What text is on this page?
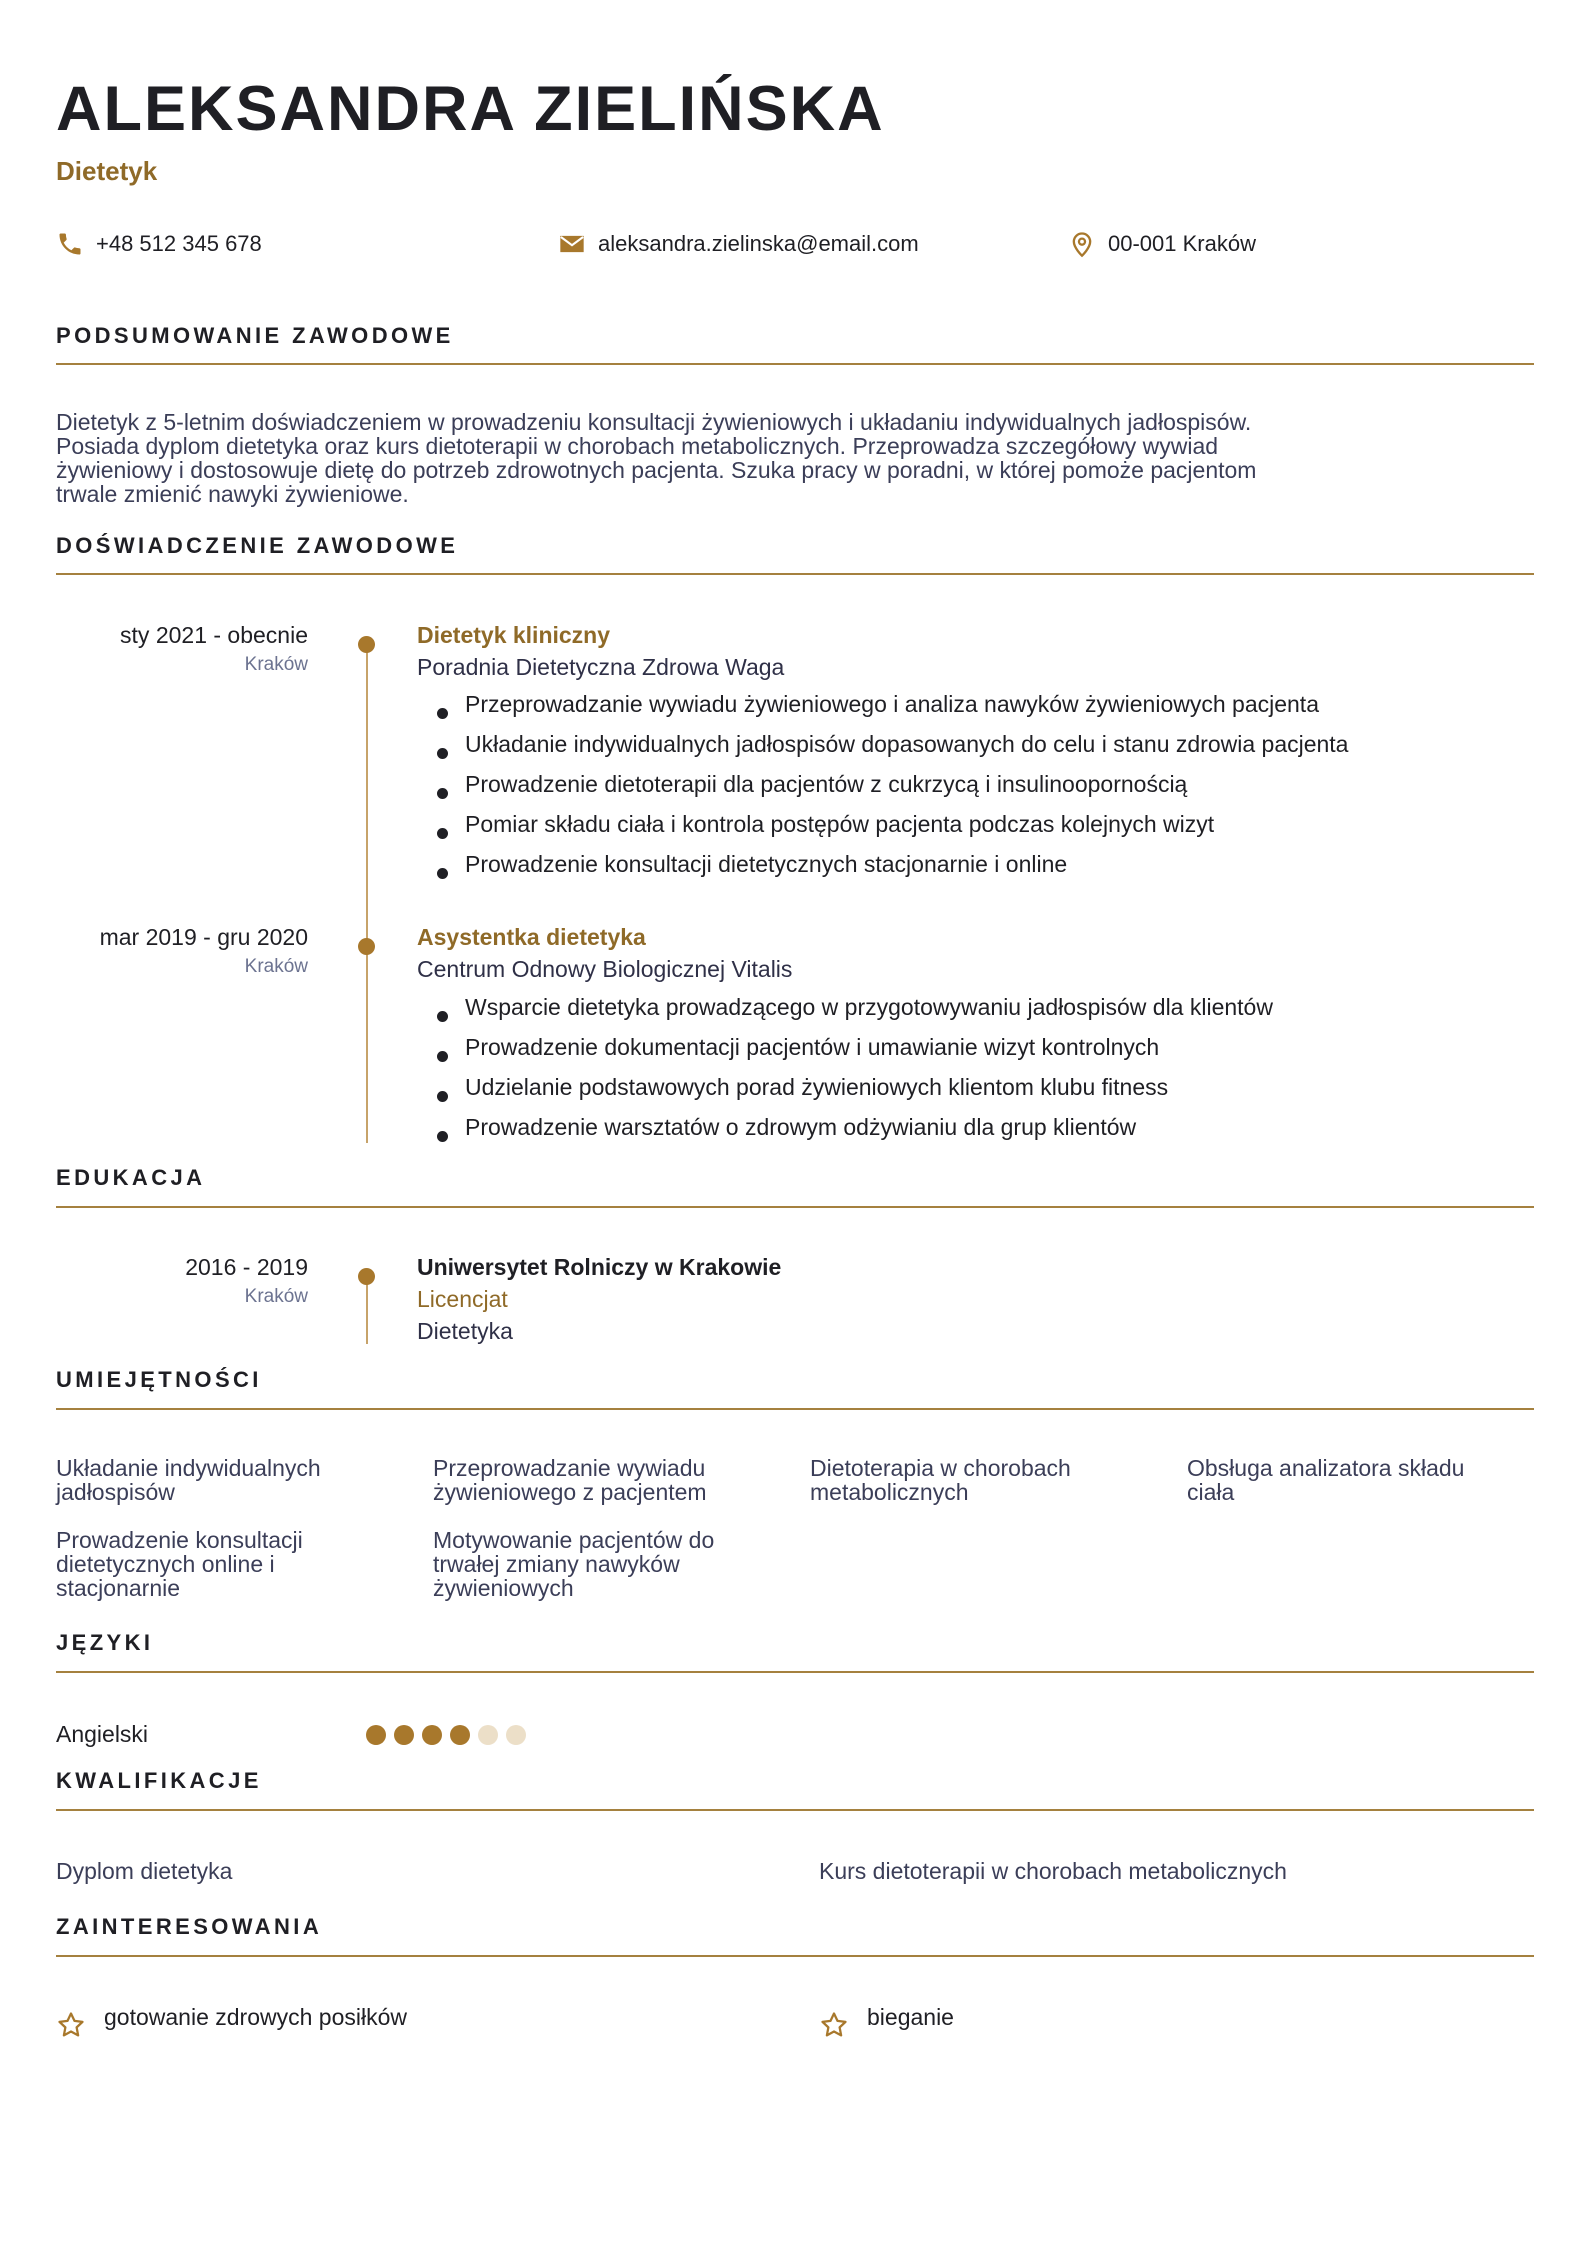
ALEKSANDRA ZIELIŃSKA
Dietetyk
+48 512 345 678	aleksandra.zielinska@email.com	00-001 Kraków
PODSUMOWANIE ZAWODOWE
Dietetyk z 5-letnim doświadczeniem w prowadzeniu konsultacji żywieniowych i układaniu indywidualnych jadłospisów.
Posiada dyplom dietetyka oraz kurs dietoterapii w chorobach metabolicznych. Przeprowadza szczegółowy wywiad
żywieniowy i dostosowuje dietę do potrzeb zdrowotnych pacjenta. Szuka pracy w poradni, w której pomoże pacjentom
trwale zmienić nawyki żywieniowe.
DOŚWIADCZENIE ZAWODOWE
sty 2021 - obecnie
Kraków
Dietetyk kliniczny
Poradnia Dietetyczna Zdrowa Waga
Przeprowadzanie wywiadu żywieniowego i analiza nawyków żywieniowych pacjenta
Układanie indywidualnych jadłospisów dopasowanych do celu i stanu zdrowia pacjenta
Prowadzenie dietoterapii dla pacjentów z cukrzycą i insulinoopornością
Pomiar składu ciała i kontrola postępów pacjenta podczas kolejnych wizyt
Prowadzenie konsultacji dietetycznych stacjonarnie i online
mar 2019 - gru 2020
Kraków
Asystentka dietetyka
Centrum Odnowy Biologicznej Vitalis
Wsparcie dietetyka prowadzącego w przygotowywaniu jadłospisów dla klientów
Prowadzenie dokumentacji pacjentów i umawianie wizyt kontrolnych
Udzielanie podstawowych porad żywieniowych klientom klubu fitness
Prowadzenie warsztatów o zdrowym odżywianiu dla grup klientów
EDUKACJA
2016 - 2019
Kraków
Uniwersytet Rolniczy w Krakowie
Licencjat
Dietetyka
UMIEJĘTNOŚCI
Układanie indywidualnych
jadłospisów
Przeprowadzanie wywiadu
żywieniowego z pacjentem
Dietoterapia w chorobach
metabolicznych
Obsługa analizatora składu
ciała
Prowadzenie konsultacji
dietetycznych online i
stacjonarnie
Motywowanie pacjentów do
trwałej zmiany nawyków
żywieniowych
JĘZYKI
Angielski
KWALIFIKACJE
Dyplom dietetyka	Kurs dietoterapii w chorobach metabolicznych
ZAINTERESOWANIA
gotowanie zdrowych posiłków	bieganie
